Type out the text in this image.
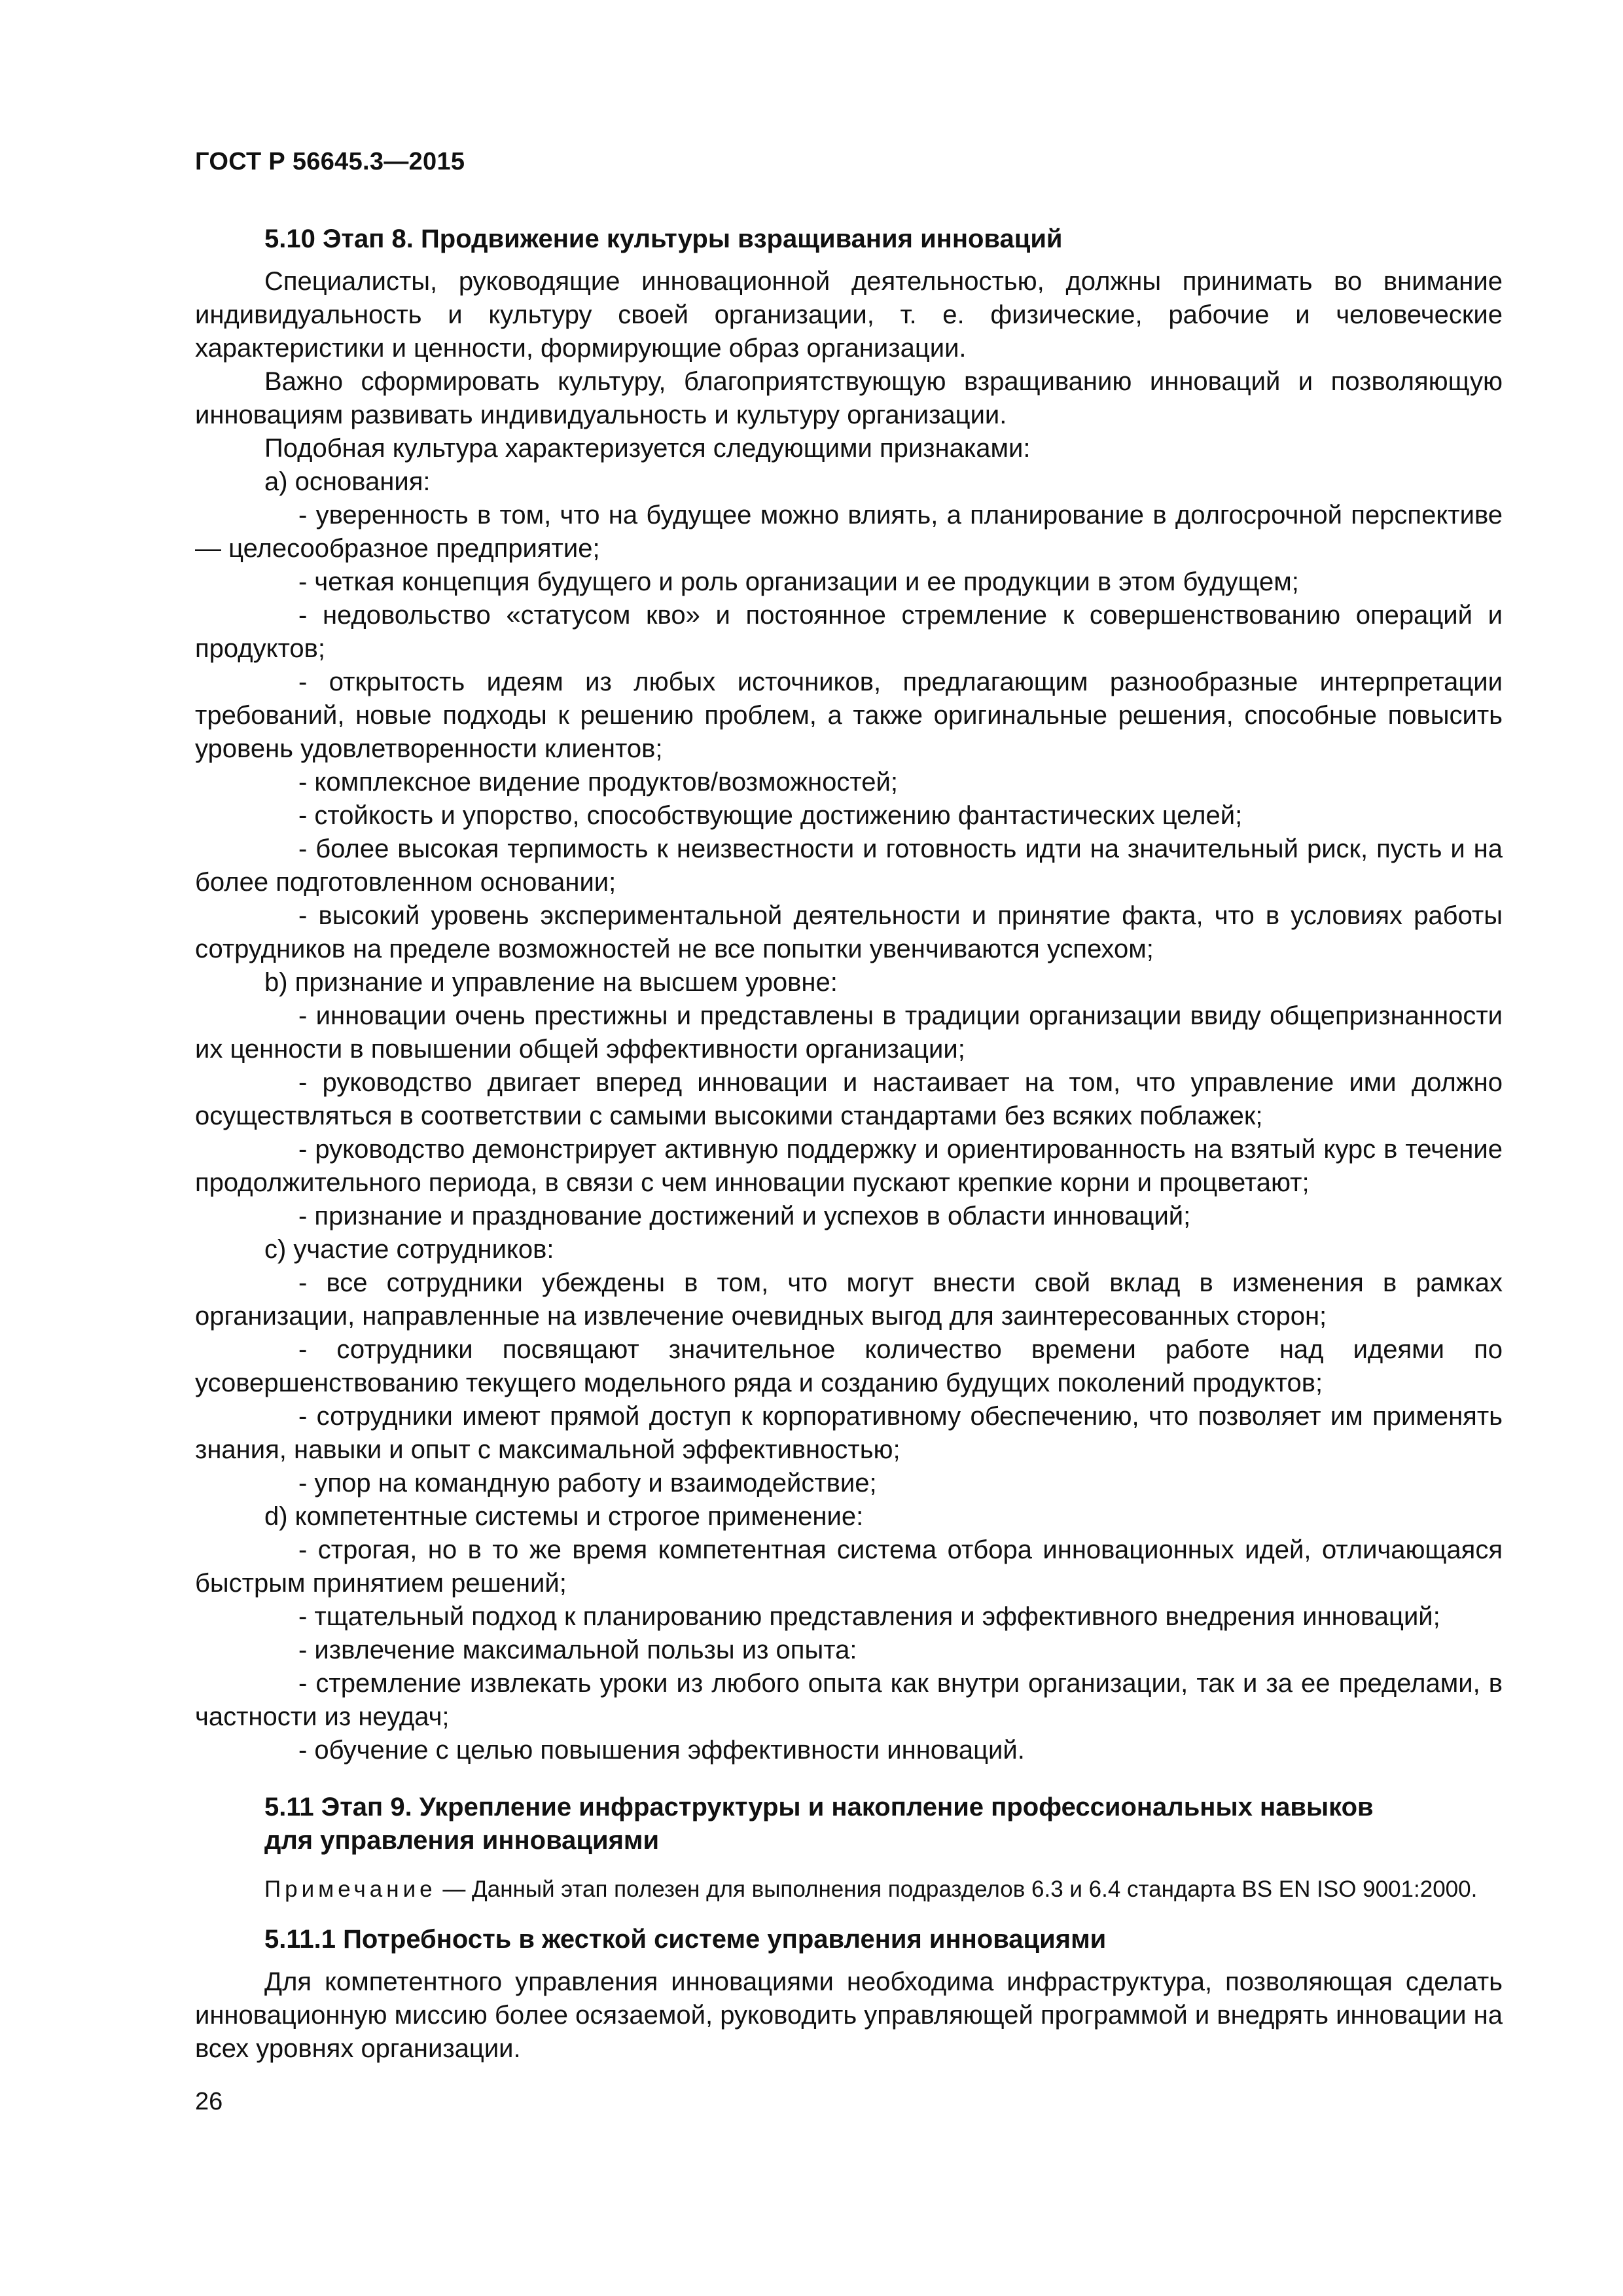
ГОСТ Р 56645.3—2015

5.10 Этап 8. Продвижение культуры взращивания инноваций

Специалисты, руководящие инновационной деятельностью, должны принимать во внимание индивидуальность и культуру своей организации, т. е. физические, рабочие и человеческие характеристики и ценности, формирующие образ организации.

Важно сформировать культуру, благоприятствующую взращиванию инноваций и позволяющую инновациям развивать индивидуальность и культуру организации.

Подобная культура характеризуется следующими признаками:

а) основания:

- уверенность в том, что на будущее можно влиять, а планирование в долгосрочной перспективе — целесообразное предприятие;

- четкая концепция будущего и роль организации и ее продукции в этом будущем;

- недовольство «статусом кво» и постоянное стремление к совершенствованию операций и продуктов;

- открытость идеям из любых источников, предлагающим разнообразные интерпретации требований, новые подходы к решению проблем, а также оригинальные решения, способные повысить уровень удовлетворенности клиентов;

- комплексное видение продуктов/возможностей;

- стойкость и упорство, способствующие достижению фантастических целей;

- более высокая терпимость к неизвестности и готовность идти на значительный риск, пусть и на более подготовленном основании;

- высокий уровень экспериментальной деятельности и принятие факта, что в условиях работы сотрудников на пределе возможностей не все попытки увенчиваются успехом;

b) признание и управление на высшем уровне:

- инновации очень престижны и представлены в традиции организации ввиду общепризнанности их ценности в повышении общей эффективности организации;

- руководство двигает вперед инновации и настаивает на том, что управление ими должно осуществляться в соответствии с самыми высокими стандартами без всяких поблажек;

- руководство демонстрирует активную поддержку и ориентированность на взятый курс в течение продолжительного периода, в связи с чем инновации пускают крепкие корни и процветают;

- признание и празднование достижений и успехов в области инноваций;

c) участие сотрудников:

- все сотрудники убеждены в том, что могут внести свой вклад в изменения в рамках организации, направленные на извлечение очевидных выгод для заинтересованных сторон;

- сотрудники посвящают значительное количество времени работе над идеями по усовершенствованию текущего модельного ряда и созданию будущих поколений продуктов;

- сотрудники имеют прямой доступ к корпоративному обеспечению, что позволяет им применять знания, навыки и опыт с максимальной эффективностью;

- упор на командную работу и взаимодействие;

d) компетентные системы и строгое применение:

- строгая, но в то же время компетентная система отбора инновационных идей, отличающаяся быстрым принятием решений;

- тщательный подход к планированию представления и эффективного внедрения инноваций;

- извлечение максимальной пользы из опыта:

- стремление извлекать уроки из любого опыта как внутри организации, так и за ее пределами, в частности из неудач;

- обучение с целью повышения эффективности инноваций.

5.11 Этап 9. Укрепление инфраструктуры и накопление профессиональных навыков
для управления инновациями

Примечание — Данный этап полезен для выполнения подразделов 6.3 и 6.4 стандарта BS EN ISO 9001:2000.

5.11.1 Потребность в жесткой системе управления инновациями

Для компетентного управления инновациями необходима инфраструктура, позволяющая сделать инновационную миссию более осязаемой, руководить управляющей программой и внедрять инновации на всех уровнях организации.

26
